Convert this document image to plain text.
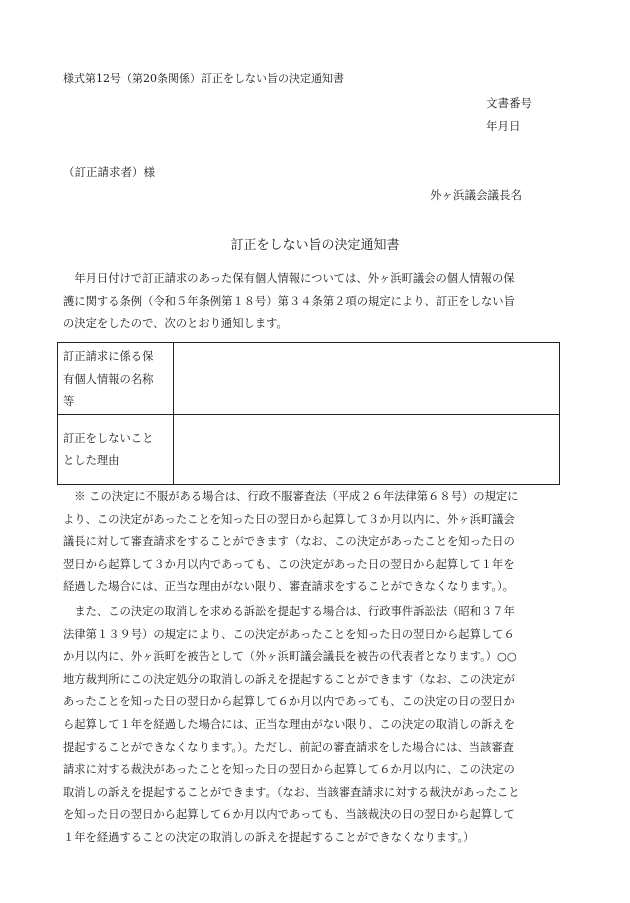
様式第12号（第20条関係）訂正をしない旨の決定通知書
文書番号
年月日
（訂正請求者）様
外ヶ浜議会議長名
訂正をしない旨の決定通知書
　年月日付けで訂正請求のあった保有個人情報については、外ヶ浜町議会の個人情報の保
護に関する条例（令和５年条例第１８号）第３４条第２項の規定により、訂正をしない旨
の決定をしたので、次のとおり通知します。
訂正請求に係る保
有個人情報の名称
等	

訂正をしないこと
とした理由	

　※ この決定に不服がある場合は、行政不服審査法（平成２６年法律第６８号）の規定に
より、この決定があったことを知った日の翌日から起算して３か月以内に、外ヶ浜町議会
議長に対して審査請求をすることができます（なお、この決定があったことを知った日の
翌日から起算して３か月以内であっても、この決定があった日の翌日から起算して１年を
経過した場合には、正当な理由がない限り、審査請求をすることができなくなります。）。
　また、この決定の取消しを求める訴訟を提起する場合は、行政事件訴訟法（昭和３７年
法律第１３９号）の規定により、この決定があったことを知った日の翌日から起算して６
か月以内に、外ヶ浜町を被告として（外ヶ浜町議会議長を被告の代表者となります。）○○
地方裁判所にこの決定処分の取消しの訴えを提起することができます（なお、この決定が
あったことを知った日の翌日から起算して６か月以内であっても、この決定の日の翌日か
ら起算して１年を経過した場合には、正当な理由がない限り、この決定の取消しの訴えを
提起することができなくなります。）。ただし、前記の審査請求をした場合には、当該審査
請求に対する裁決があったことを知った日の翌日から起算して６か月以内に、この決定の
取消しの訴えを提起することができます。（なお、当該審査請求に対する裁決があったこと
を知った日の翌日から起算して６か月以内であっても、当該裁決の日の翌日から起算して
１年を経過することの決定の取消しの訴えを提起することができなくなります。）
